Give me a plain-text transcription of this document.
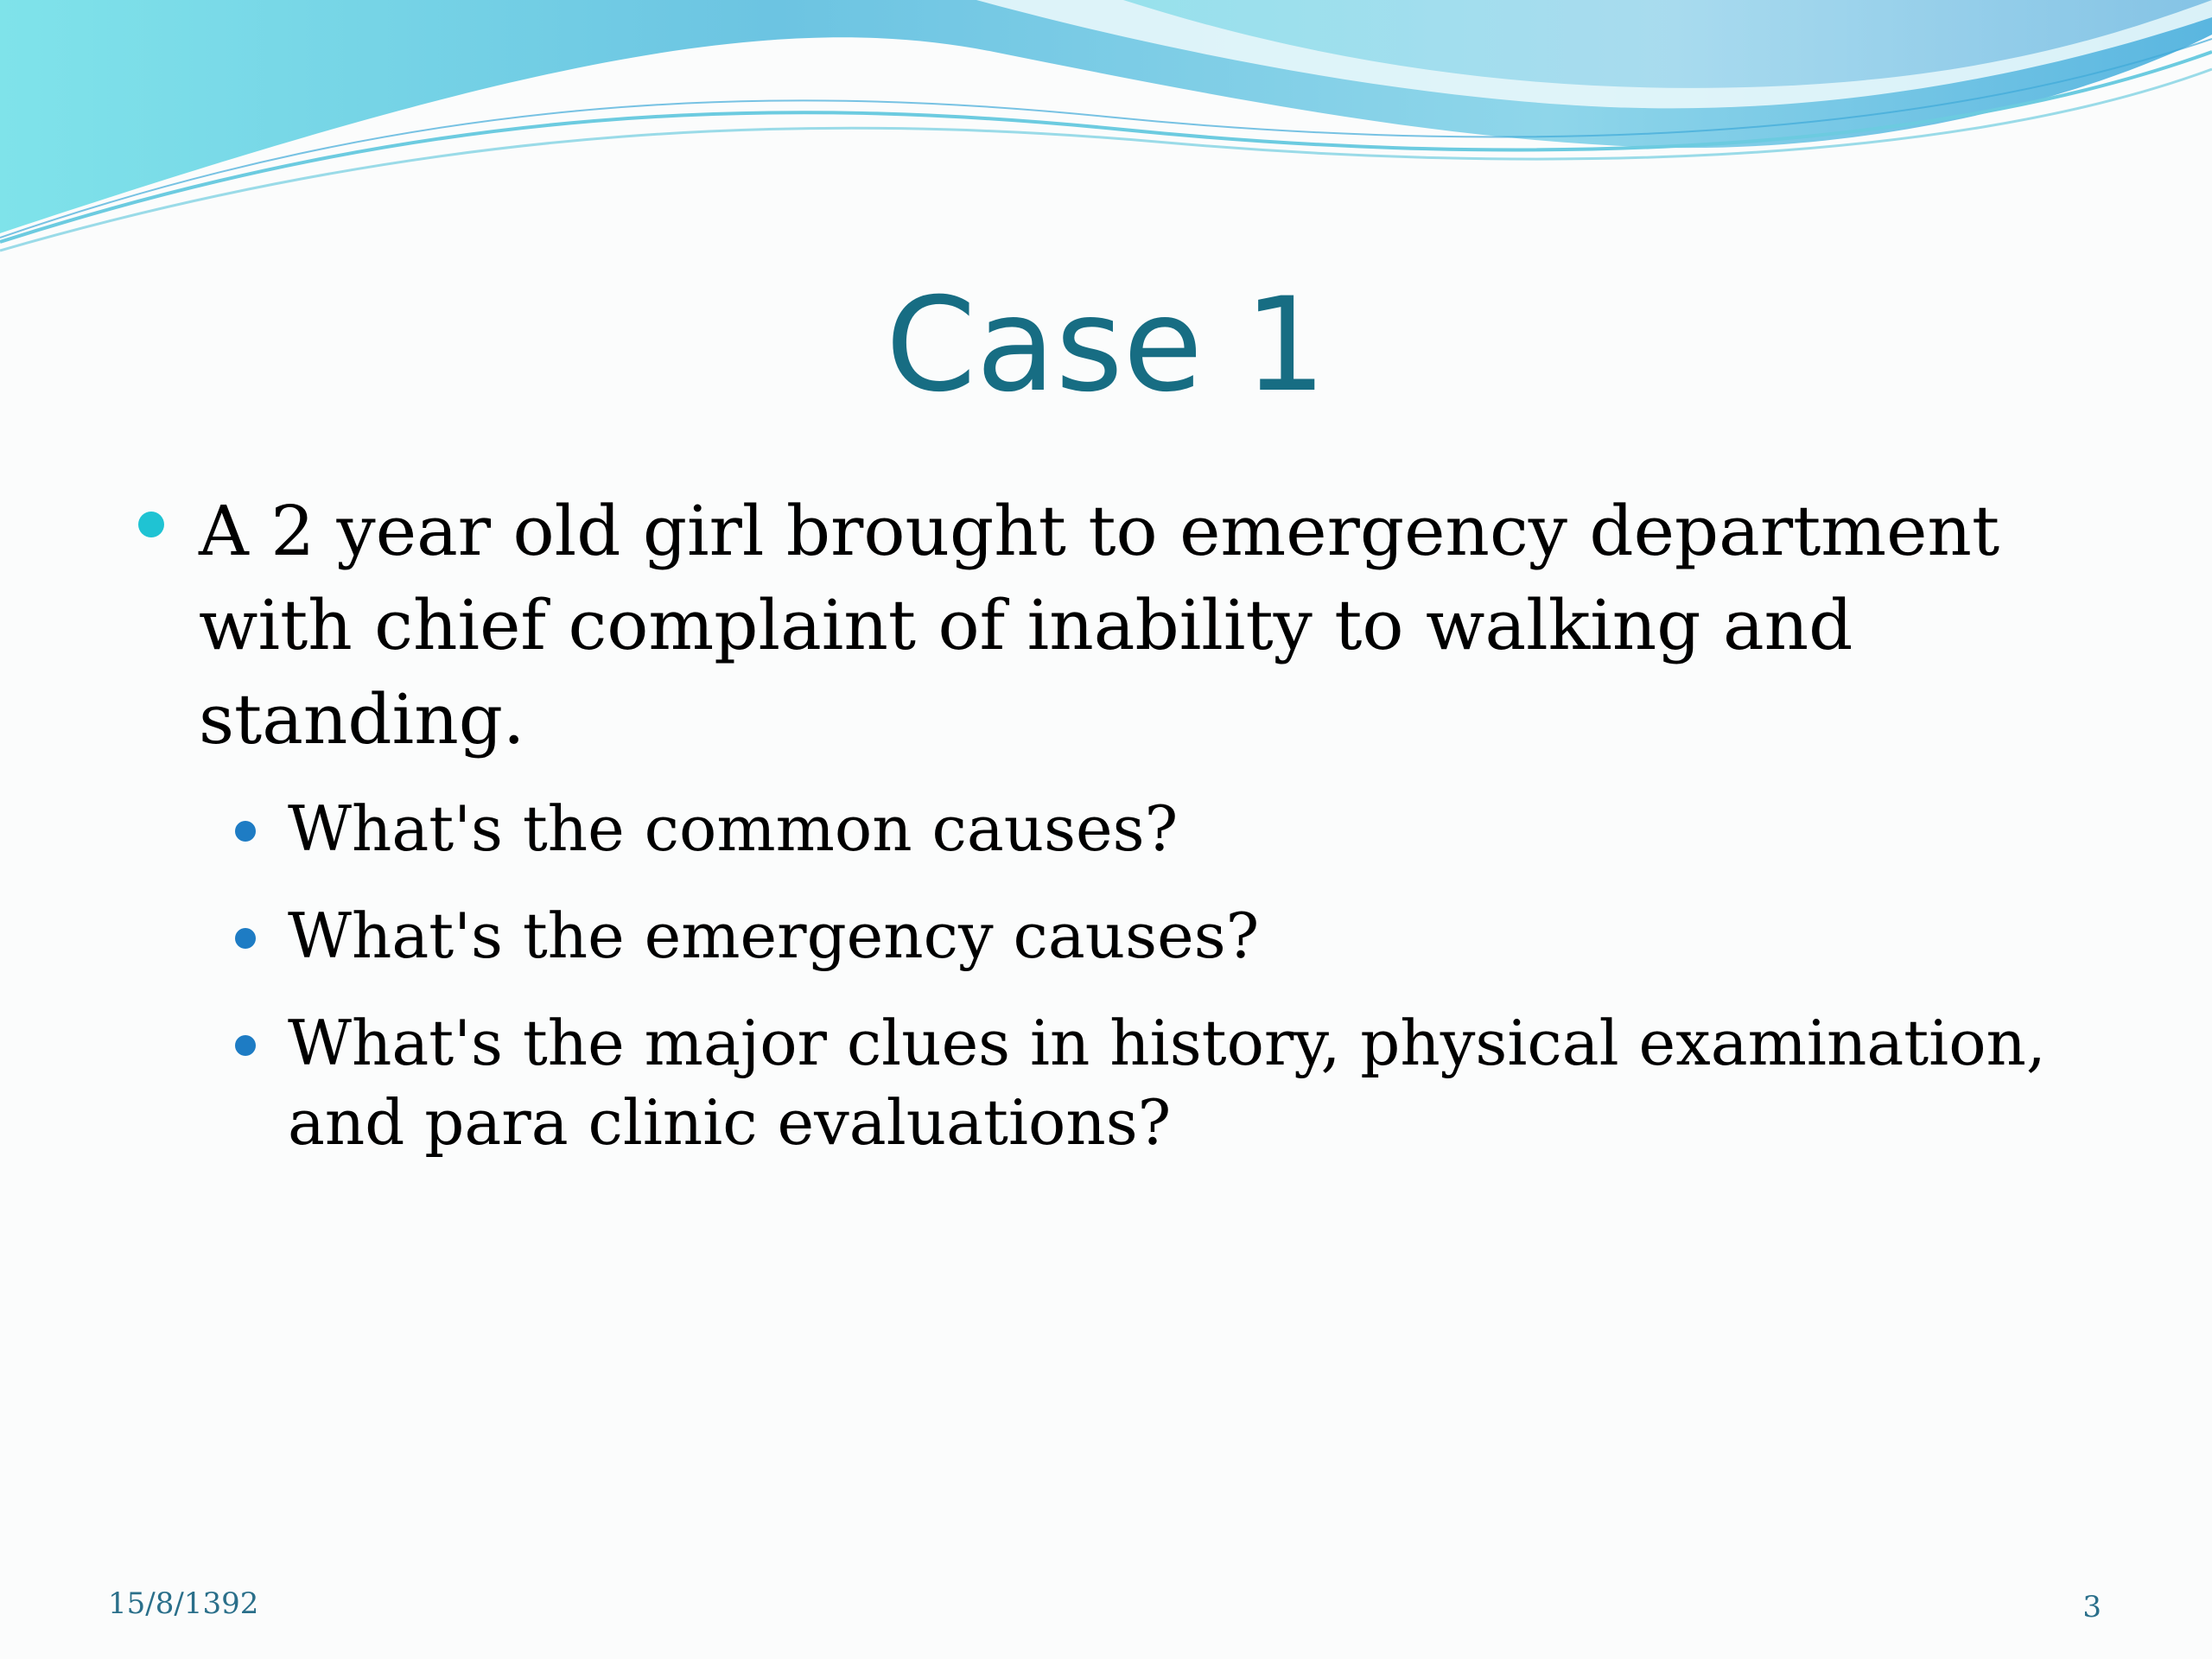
Case 1
A 2 year old girl brought to emergency department with chief complaint of inability to walking and standing.
What's the common causes?
What's the emergency causes?
What's the major clues in history, physical examination, and para clinic evaluations?
15/8/1392	3
